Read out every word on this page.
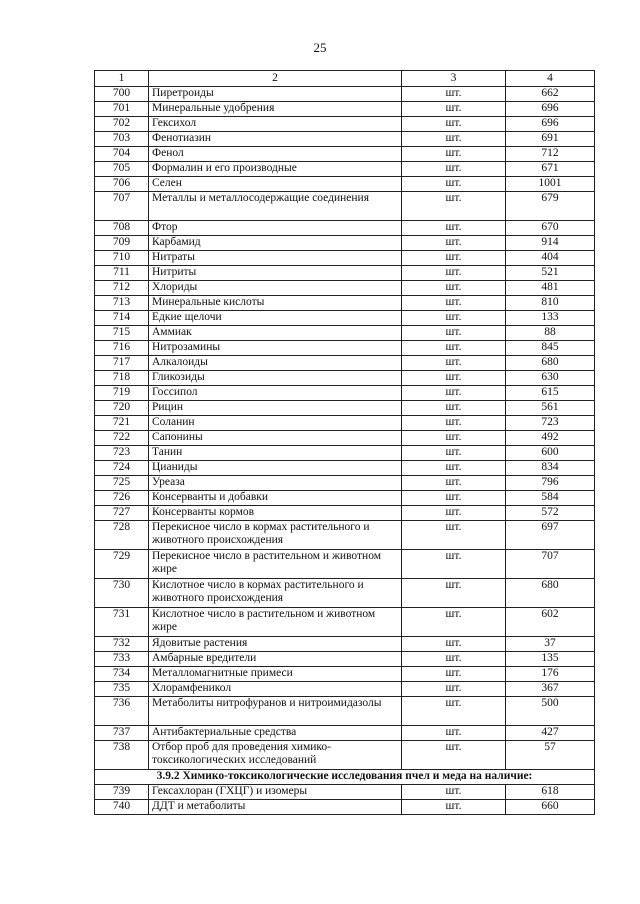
25
1	2	3	4
700	Пиретроиды	шт.	662
701	Минеральные удобрения	шт.	696
702	Гексихол	шт.	696
703	Фенотиазин	шт.	691
704	Фенол	шт.	712
705	Формалин и его производные	шт.	671
706	Селен	шт.	1001
707	Металлы и металлосодержащие соединения	шт.	679
708	Фтор	шт.	670
709	Карбамид	шт.	914
710	Нитраты	шт.	404
711	Нитриты	шт.	521
712	Хлориды	шт.	481
713	Минеральные кислоты	шт.	810
714	Едкие щелочи	шт.	133
715	Аммиак	шт.	88
716	Нитрозамины	шт.	845
717	Алкалоиды	шт.	680
718	Гликозиды	шт.	630
719	Госсипол	шт.	615
720	Рицин	шт.	561
721	Соланин	шт.	723
722	Сапонины	шт.	492
723	Танин	шт.	600
724	Цианиды	шт.	834
725	Уреаза	шт.	796
726	Консерванты и добавки	шт.	584
727	Консерванты кормов	шт.	572
728	Перекисное число в кормах растительного и животного происхождения	шт.	697
729	Перекисное число в растительном и животном жире	шт.	707
730	Кислотное число в кормах растительного и животного происхождения	шт.	680
731	Кислотное число в растительном и животном жире	шт.	602
732	Ядовитые растения	шт.	37
733	Амбарные вредители	шт.	135
734	Металломагнитные примеси	шт.	176
735	Хлорамфеникол	шт.	367
736	Метаболиты нитрофуранов и нитроимидазолы	шт.	500
737	Антибактериальные средства	шт.	427
738	Отбор проб для проведения химико-токсикологических исследований	шт.	57
3.9.2 Химико-токсикологические исследования пчел и меда на наличие:			
739	Гексахлоран (ГХЦГ) и изомеры	шт.	618
740	ДДТ и метаболиты	шт.	660
